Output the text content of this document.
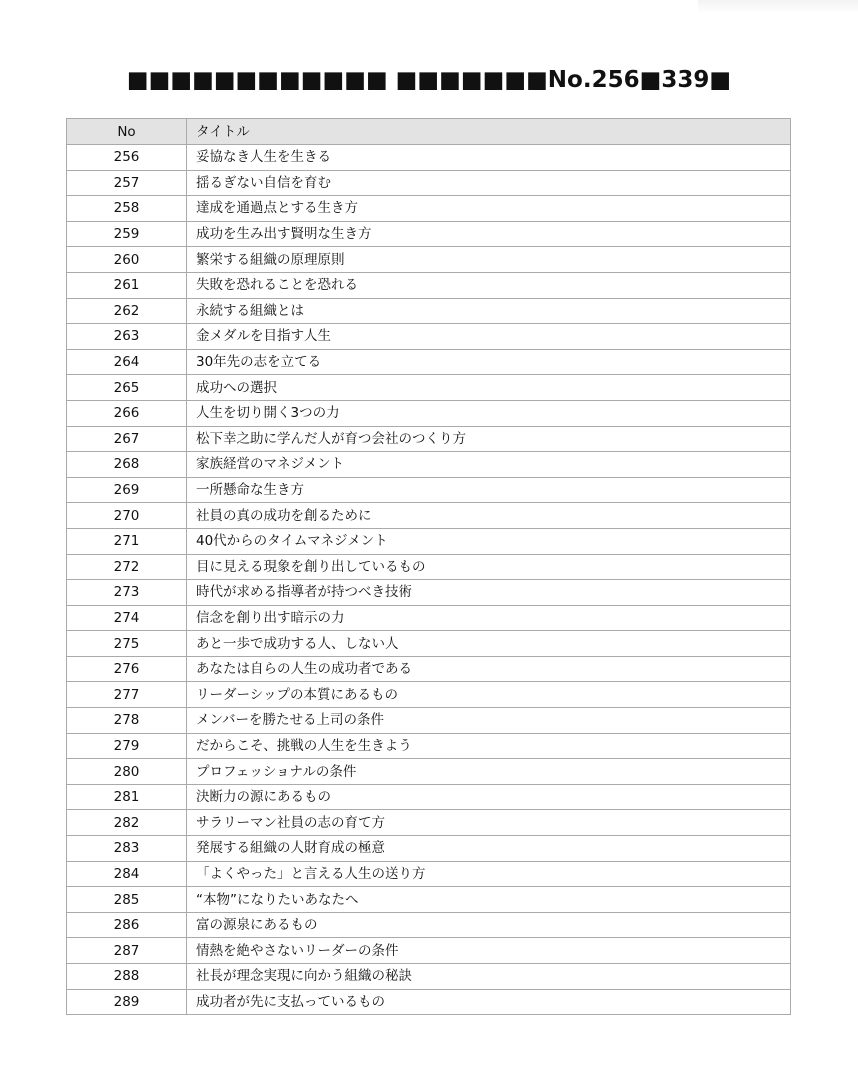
■■■■■■■■■■■■ ■■■■■■■No.256■339■
No	タイトル
256	妥協なき人生を生きる
257	揺るぎない自信を育む
258	達成を通過点とする生き方
259	成功を生み出す賢明な生き方
260	繁栄する組織の原理原則
261	失敗を恐れることを恐れる
262	永続する組織とは
263	金メダルを目指す人生
264	30年先の志を立てる
265	成功への選択
266	人生を切り開く3つの力
267	松下幸之助に学んだ人が育つ会社のつくり方
268	家族経営のマネジメント
269	一所懸命な生き方
270	社員の真の成功を創るために
271	40代からのタイムマネジメント
272	目に見える現象を創り出しているもの
273	時代が求める指導者が持つべき技術
274	信念を創り出す暗示の力
275	あと一歩で成功する人、しない人
276	あなたは自らの人生の成功者である
277	リーダーシップの本質にあるもの
278	メンバーを勝たせる上司の条件
279	だからこそ、挑戦の人生を生きよう
280	プロフェッショナルの条件
281	決断力の源にあるもの
282	サラリーマン社員の志の育て方
283	発展する組織の人財育成の極意
284	「よくやった」と言える人生の送り方
285	“本物”になりたいあなたへ
286	富の源泉にあるもの
287	情熱を絶やさないリーダーの条件
288	社長が理念実現に向かう組織の秘訣
289	成功者が先に支払っているもの
